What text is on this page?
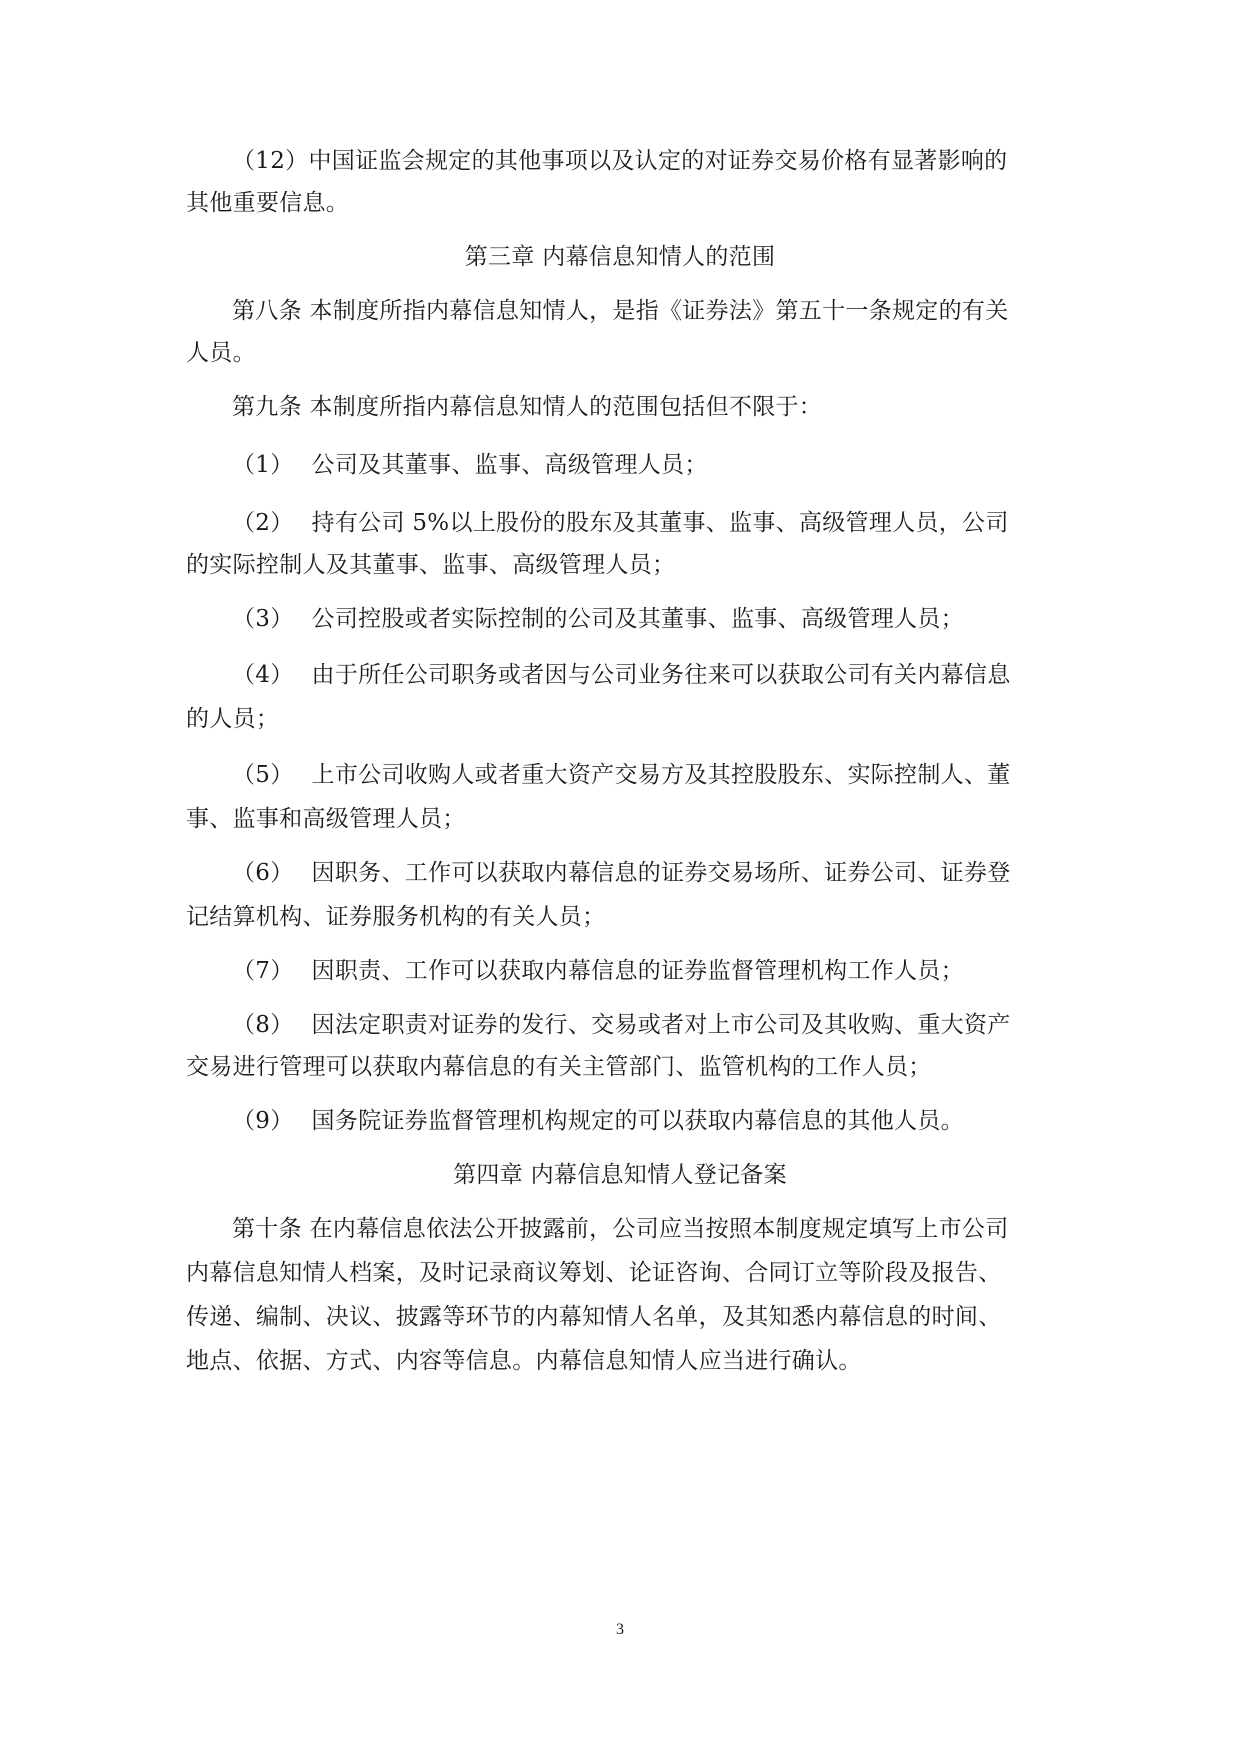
（12）中国证监会规定的其他事项以及认定的对证券交易价格有显著影响的
其他重要信息。
第三章 内幕信息知情人的范围
第八条 本制度所指内幕信息知情人，是指《证券法》第五十一条规定的有关
人员。
第九条 本制度所指内幕信息知情人的范围包括但不限于：
（1） 公司及其董事、监事、高级管理人员；
（2） 持有公司 5%以上股份的股东及其董事、监事、高级管理人员，公司
的实际控制人及其董事、监事、高级管理人员；
（3） 公司控股或者实际控制的公司及其董事、监事、高级管理人员；
（4） 由于所任公司职务或者因与公司业务往来可以获取公司有关内幕信息
的人员；
（5） 上市公司收购人或者重大资产交易方及其控股股东、实际控制人、董
事、监事和高级管理人员；
（6） 因职务、工作可以获取内幕信息的证券交易场所、证券公司、证券登
记结算机构、证券服务机构的有关人员；
（7） 因职责、工作可以获取内幕信息的证券监督管理机构工作人员；
（8） 因法定职责对证券的发行、交易或者对上市公司及其收购、重大资产
交易进行管理可以获取内幕信息的有关主管部门、监管机构的工作人员；
（9） 国务院证券监督管理机构规定的可以获取内幕信息的其他人员。
第四章 内幕信息知情人登记备案
第十条 在内幕信息依法公开披露前，公司应当按照本制度规定填写上市公司
内幕信息知情人档案，及时记录商议筹划、论证咨询、合同订立等阶段及报告、
传递、编制、决议、披露等环节的内幕知情人名单，及其知悉内幕信息的时间、
地点、依据、方式、内容等信息。内幕信息知情人应当进行确认。
3
